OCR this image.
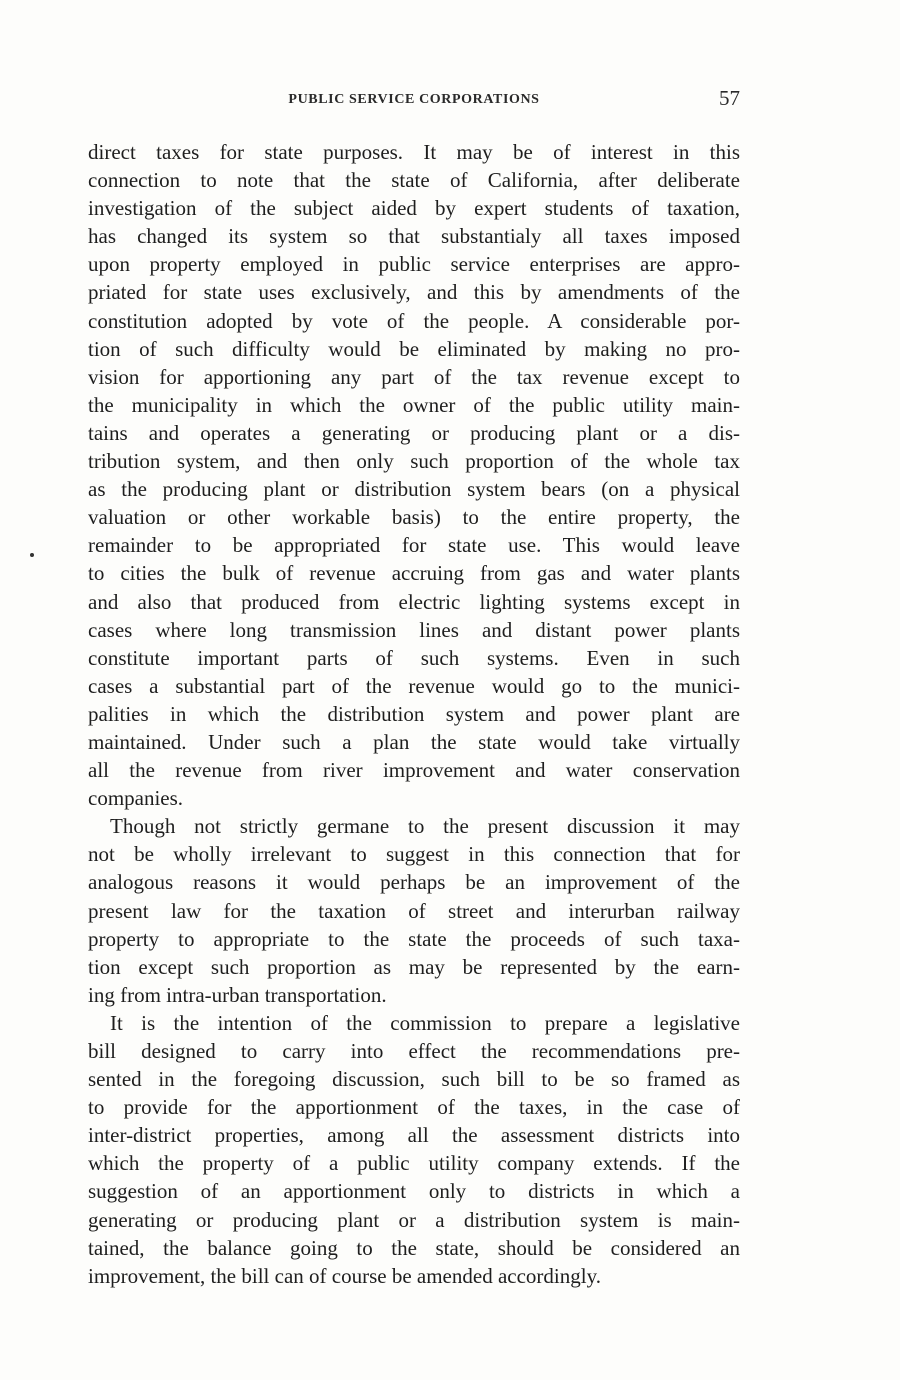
PUBLIC SERVICE CORPORATIONS	57
direct taxes for state purposes. It may be of interest in this
connection to note that the state of California, after deliberate
investigation of the subject aided by expert students of taxation,
has changed its system so that substantialy all taxes imposed
upon property employed in public service enterprises are appro-
priated for state uses exclusively, and this by amendments of the
constitution adopted by vote of the people. A considerable por-
tion of such difficulty would be eliminated by making no pro-
vision for apportioning any part of the tax revenue except to
the municipality in which the owner of the public utility main-
tains and operates a generating or producing plant or a dis-
tribution system, and then only such proportion of the whole tax
as the producing plant or distribution system bears (on a physical
valuation or other workable basis) to the entire property, the
remainder to be appropriated for state use. This would leave
to cities the bulk of revenue accruing from gas and water plants
and also that produced from electric lighting systems except in
cases where long transmission lines and distant power plants
constitute important parts of such systems. Even in such
cases a substantial part of the revenue would go to the munici-
palities in which the distribution system and power plant are
maintained. Under such a plan the state would take virtually
all the revenue from river improvement and water conservation
companies.
Though not strictly germane to the present discussion it may
not be wholly irrelevant to suggest in this connection that for
analogous reasons it would perhaps be an improvement of the
present law for the taxation of street and interurban railway
property to appropriate to the state the proceeds of such taxa-
tion except such proportion as may be represented by the earn-
ing from intra-urban transportation.
It is the intention of the commission to prepare a legislative
bill designed to carry into effect the recommendations pre-
sented in the foregoing discussion, such bill to be so framed as
to provide for the apportionment of the taxes, in the case of
inter-district properties, among all the assessment districts into
which the property of a public utility company extends. If the
suggestion of an apportionment only to districts in which a
generating or producing plant or a distribution system is main-
tained, the balance going to the state, should be considered an
improvement, the bill can of course be amended accordingly.
